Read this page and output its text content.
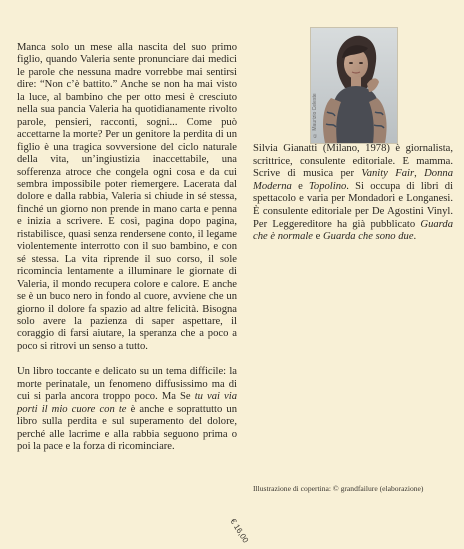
Manca solo un mese alla nascita del suo primo figlio, quando Valeria sente pronunciare dai medici le parole che nessuna madre vorrebbe mai sentirsi dire: “Non c’è battito.” Anche se non ha mai visto la luce, al bambino che per otto mesi è cresciuto nella sua pancia Valeria ha quotidianamente rivolto parole, pensieri, racconti, sogni... Come può accettarne la morte? Per un genitore la perdita di un figlio è una tragica sovversione del ciclo naturale della vita, un’ingiustizia inaccettabile, una sofferenza atroce che congela ogni cosa e da cui sembra impossibile poter riemergere. Lacerata dal dolore e dalla rabbia, Valeria si chiude in sé stessa, finché un giorno non prende in mano carta e penna e inizia a scrivere. E così, pagina dopo pagina, ristabilisce, quasi senza rendersene conto, il legame violentemente interrotto con il suo bambino, e con sé stessa. La vita riprende il suo corso, il sole ricomincia lentamente a illuminare le giornate di Valeria, il mondo recupera colore e calore. E anche se è un buco nero in fondo al cuore, avviene che un giorno il dolore fa spazio ad altre felicità. Bisogna solo avere la pazienza di saper aspettare, il coraggio di farsi aiutare, la speranza che a poco a poco si ritrovi un senso a tutto.

Un libro toccante e delicato su un tema difficile: la morte perinatale, un fenomeno diffusissimo ma di cui si parla ancora troppo poco. Ma Se tu vai via porti il mio cuore con te è anche e soprattutto un libro sulla perdita e sul superamento del dolore, perché alle lacrime e alla rabbia seguono prima o poi la pace e la forza di ricominciare.

© Maurizio Celeste

Silvia Gianatti (Milano, 1978) è giornalista, scrittrice, consulente editoriale. E mamma. Scrive di musica per Vanity Fair, Donna Moderna e Topolino. Si occupa di libri di spettacolo e varia per Mondadori e Longanesi. È consulente editoriale per De Agostini Vinyl. Per Leggereditore ha già pubblicato Guarda che è normale e Guarda che sono due.

Illustrazione di copertina: © grandfailure (elaborazione)
€ 16,00
